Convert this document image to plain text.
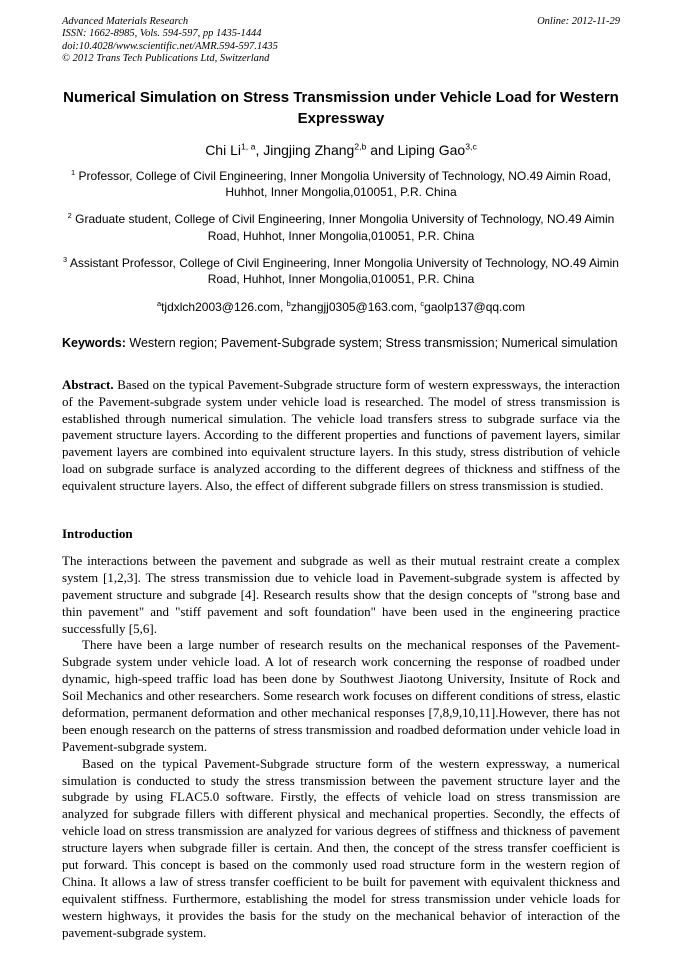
Advanced Materials Research	Online: 2012-11-29
ISSN: 1662-8985, Vols. 594-597, pp 1435-1444
doi:10.4028/www.scientific.net/AMR.594-597.1435
© 2012 Trans Tech Publications Ltd, Switzerland
Numerical Simulation on Stress Transmission under Vehicle Load for Western Expressway
Chi Li$^{1, a}$, Jingjing Zhang$^{2,b}$ and Liping Gao$^{3,c}$

$^1$ Professor, College of Civil Engineering, Inner Mongolia University of Technology, NO.49 Aimin Road, Huhhot, Inner Mongolia,010051, P.R. China

$^2$ Graduate student, College of Civil Engineering, Inner Mongolia University of Technology, NO.49 Aimin Road, Huhhot, Inner Mongolia,010051, P.R. China

$^3$ Assistant Professor, College of Civil Engineering, Inner Mongolia University of Technology, NO.49 Aimin Road, Huhhot, Inner Mongolia,010051, P.R. China

$^a$tjdxlch2003@126.com, $^b$zhangjj0305@163.com, $^c$gaolp137@qq.com

Keywords: Western region; Pavement-Subgrade system; Stress transmission; Numerical simulation

Abstract. Based on the typical Pavement-Subgrade structure form of western expressways, the interaction of the Pavement-subgrade system under vehicle load is researched. The model of stress transmission is established through numerical simulation. The vehicle load transfers stress to subgrade surface via the pavement structure layers. According to the different properties and functions of pavement layers, similar pavement layers are combined into equivalent structure layers. In this study, stress distribution of vehicle load on subgrade surface is analyzed according to the different degrees of thickness and stiffness of the equivalent structure layers. Also, the effect of different subgrade fillers on stress transmission is studied.

Introduction

The interactions between the pavement and subgrade as well as their mutual restraint create a complex system [1,2,3]. The stress transmission due to vehicle load in Pavement-subgrade system is affected by pavement structure and subgrade [4]. Research results show that the design concepts of "strong base and thin pavement" and "stiff pavement and soft foundation" have been used in the engineering practice successfully [5,6].

There have been a large number of research results on the mechanical responses of the Pavement-Subgrade system under vehicle load. A lot of research work concerning the response of roadbed under dynamic, high-speed traffic load has been done by Southwest Jiaotong University, Insitute of Rock and Soil Mechanics and other researchers. Some research work focuses on different conditions of stress, elastic deformation, permanent deformation and other mechanical responses [7,8,9,10,11].However, there has not been enough research on the patterns of stress transmission and roadbed deformation under vehicle load in Pavement-subgrade system.

Based on the typical Pavement-Subgrade structure form of the western expressway, a numerical simulation is conducted to study the stress transmission between the pavement structure layer and the subgrade by using FLAC5.0 software. Firstly, the effects of vehicle load on stress transmission are analyzed for subgrade fillers with different physical and mechanical properties. Secondly, the effects of vehicle load on stress transmission are analyzed for various degrees of stiffness and thickness of pavement structure layers when subgrade filler is certain. And then, the concept of the stress transfer coefficient is put forward. This concept is based on the commonly used road structure form in the western region of China. It allows a law of stress transfer coefficient to be built for pavement with equivalent thickness and equivalent stiffness. Furthermore, establishing the model for stress transmission under vehicle loads for western highways, it provides the basis for the study on the mechanical behavior of interaction of the pavement-subgrade system.
